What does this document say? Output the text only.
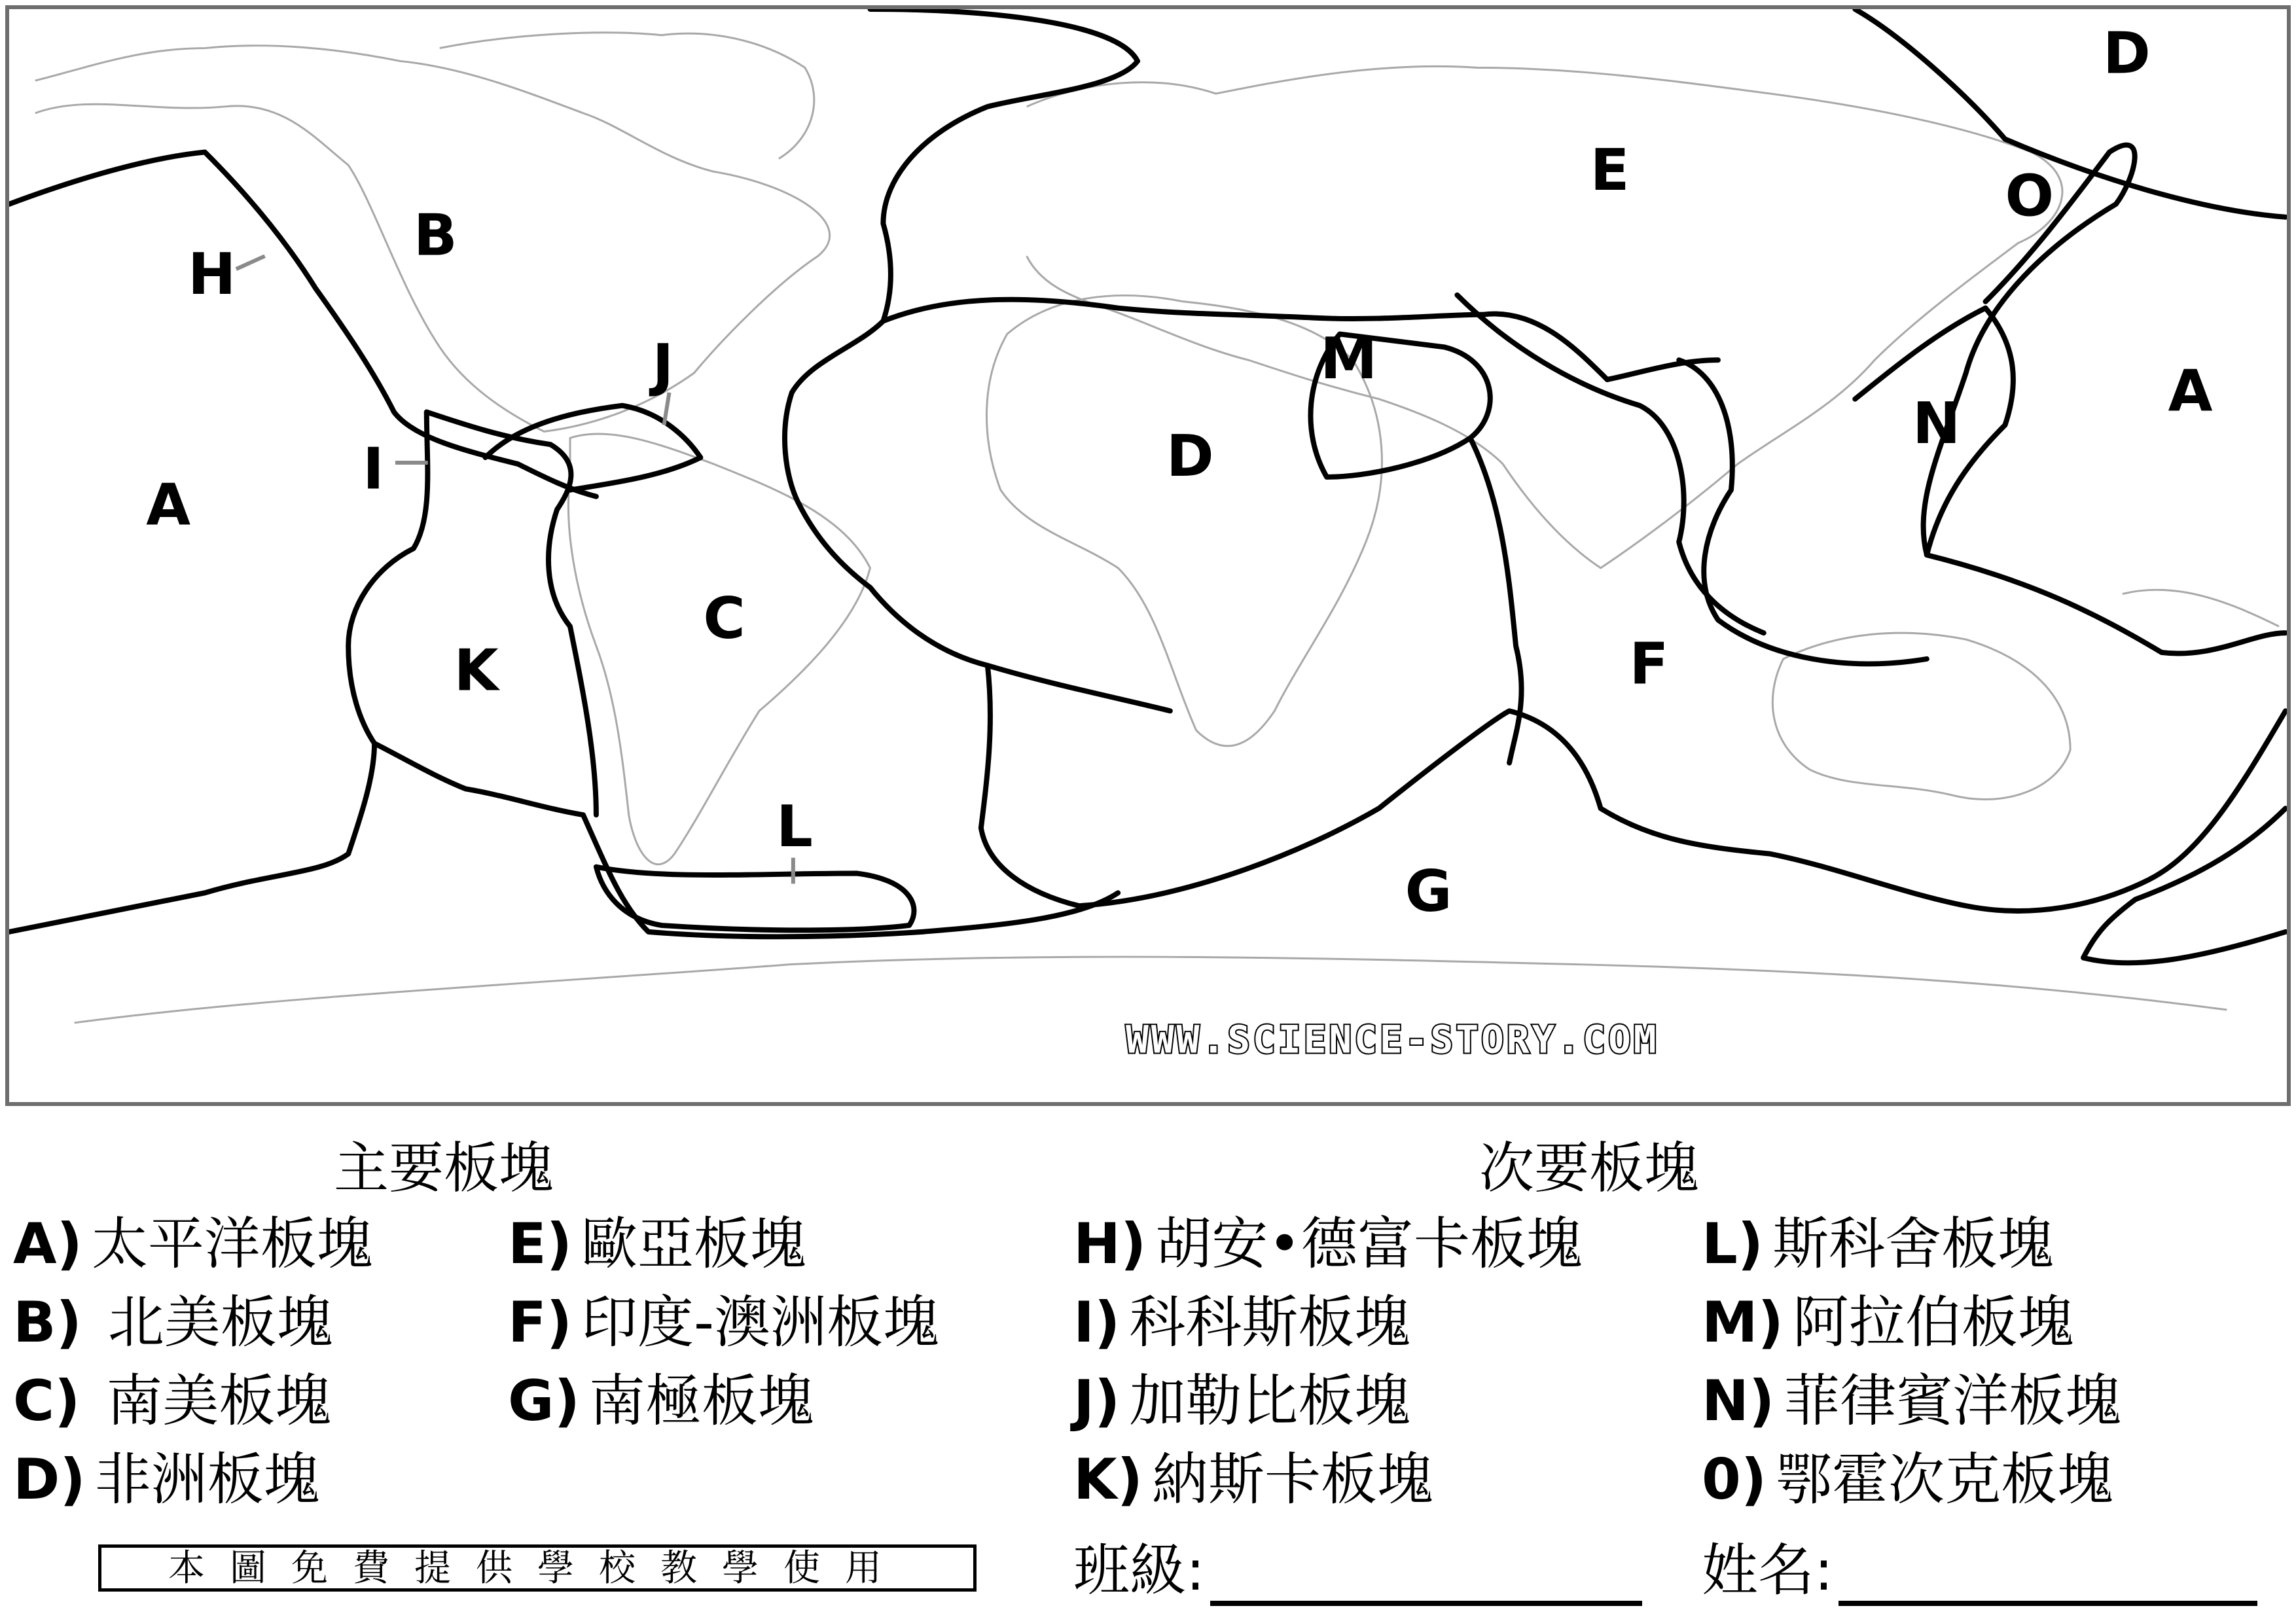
A
A
B
C
D
D
E
F
G
H
I
J
K
L
M
N
O
WWW.SCIENCE-STORY.COM
主要板塊	次要板塊
A) 太平洋板塊
B) 北美板塊
C) 南美板塊
D) 非洲板塊
E) 歐亞板塊
F) 印度-澳洲板塊
G) 南極板塊
H) 胡安•德富卡板塊
I) 科科斯板塊
J) 加勒比板塊
K) 納斯卡板塊
L) 斯科舍板塊
M) 阿拉伯板塊
N) 菲律賓洋板塊
0) 鄂霍次克板塊
本圖免費提供學校教學使用	班級:	姓名:
